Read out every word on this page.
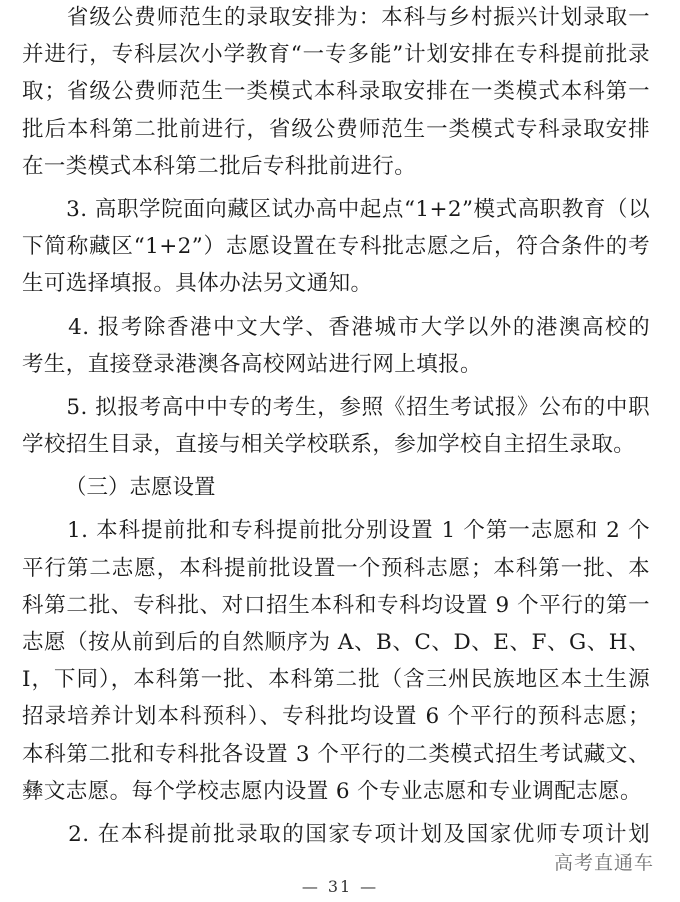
　　省级公费师范生的录取安排为：本科与乡村振兴计划录取一
并进行，专科层次小学教育“一专多能”计划安排在专科提前批录
取；省级公费师范生一类模式本科录取安排在一类模式本科第一
批后本科第二批前进行，省级公费师范生一类模式专科录取安排
在一类模式本科第二批后专科批前进行。
　　3. 高职学院面向藏区试办高中起点“1+2”模式高职教育（以
下简称藏区“1+2”）志愿设置在专科批志愿之后，符合条件的考
生可选择填报。具体办法另文通知。
　　4. 报考除香港中文大学、香港城市大学以外的港澳高校的
考生，直接登录港澳各高校网站进行网上填报。
　　5. 拟报考高中中专的考生，参照《招生考试报》公布的中职
学校招生目录，直接与相关学校联系，参加学校自主招生录取。
（三）志愿设置
　　1. 本科提前批和专科提前批分别设置 1 个第一志愿和 2 个
平行第二志愿，本科提前批设置一个预科志愿；本科第一批、本
科第二批、专科批、对口招生本科和专科均设置 9 个平行的第一
志愿（按从前到后的自然顺序为 A、B、C、D、E、F、G、H、
I，下同），本科第一批、本科第二批（含三州民族地区本土生源
招录培养计划本科预科）、专科批均设置 6 个平行的预科志愿；
本科第二批和专科批各设置 3 个平行的二类模式招生考试藏文、
彝文志愿。每个学校志愿内设置 6 个专业志愿和专业调配志愿。
　　2. 在本科提前批录取的国家专项计划及国家优师专项计划
高考直通车
— 31 —
